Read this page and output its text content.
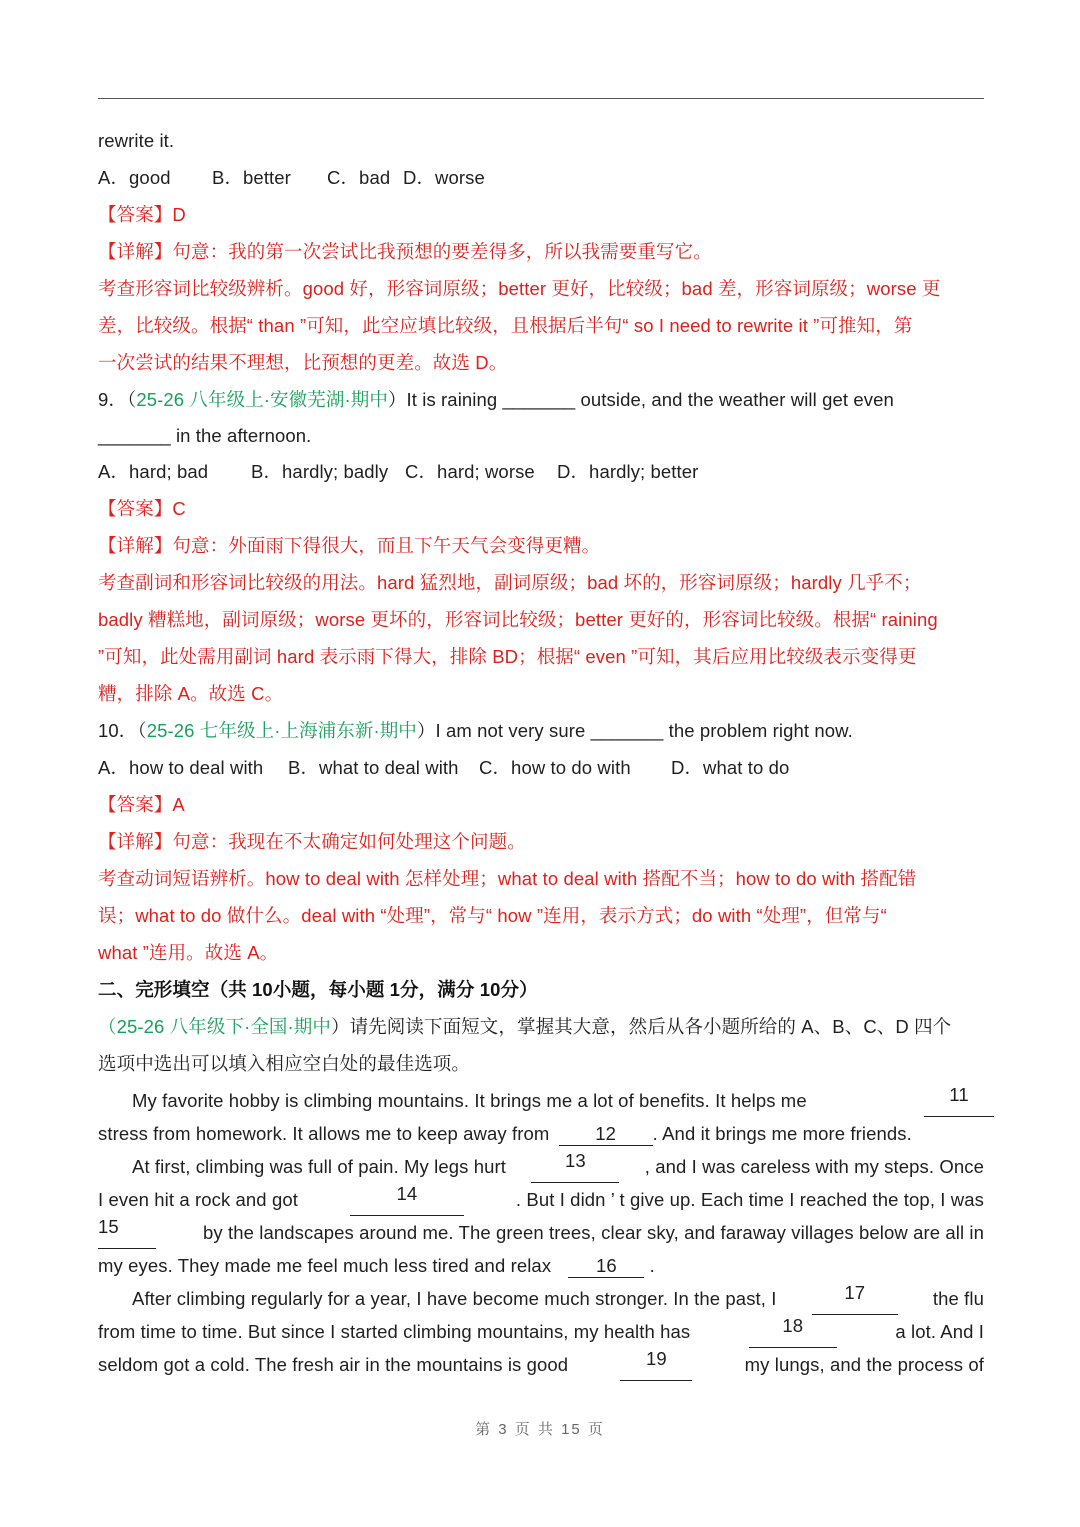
rewrite it.
A．good B．better C．bad D．worse
【答案】D
【详解】句意：我的第一次尝试比我预想的要差得多，所以我需要重写它。
考查形容词比较级辨析。good 好，形容词原级；better 更好，比较级；bad 差，形容词原级；worse 更
差，比较级。根据“ than ”可知，此空应填比较级，且根据后半句“ so I need to rewrite it ”可推知，第
一次尝试的结果不理想，比预想的更差。故选 D。
9．（25-26 八年级上·安徽芜湖·期中）It is raining _______ outside, and the weather will get even
_______ in the afternoon.
A．hard; bad B．hardly; badly C．hard; worse D．hardly; better
【答案】C
【详解】句意：外面雨下得很大，而且下午天气会变得更糟。
考查副词和形容词比较级的用法。hard 猛烈地，副词原级；bad 坏的，形容词原级；hardly 几乎不；
badly 糟糕地，副词原级；worse 更坏的，形容词比较级；better 更好的，形容词比较级。根据“ raining
”可知，此处需用副词 hard 表示雨下得大，排除 BD；根据“ even ”可知，其后应用比较级表示变得更
糟，排除 A。故选 C。
10．（25-26 七年级上·上海浦东新·期中）I am not very sure _______ the problem right now.
A．how to deal with B．what to deal with C．how to do with D．what to do
【答案】A
【详解】句意：我现在不太确定如何处理这个问题。
考查动词短语辨析。how to deal with 怎样处理；what to deal with 搭配不当；how to do with 搭配错
误；what to do 做什么。deal with “处理”，常与“ how ”连用，表示方式；do with “处理”，但常与“
what ”连用。故选 A。
二、完形填空（共 10小题，每小题 1分，满分 10分）
（25-26 八年级下·全国·期中）请先阅读下面短文，掌握其大意，然后从各小题所给的 A、B、C、D 四个
选项中选出可以填入相应空白处的最佳选项。
My favorite hobby is climbing mountains. It brings me a lot of benefits. It helps me	11
stress from homework. It allows me to keep away from 12 . And it brings me more friends.
At first, climbing was full of pain. My legs hurt	13	, and I was careless with my steps. Once
I even hit a rock and got	14	. But I didn ’ t give up. Each time I reached the top, I was
15	by the landscapes around me. The green trees, clear sky, and faraway villages below are all in
my eyes. They made me feel much less tired and relax 16 .
After climbing regularly for a year, I have become much stronger. In the past, I	17	the flu
from time to time. But since I started climbing mountains, my health has	18	a lot. And I
seldom got a cold. The fresh air in the mountains is good	19	my lungs, and the process of
第 3 页 共 15 页
